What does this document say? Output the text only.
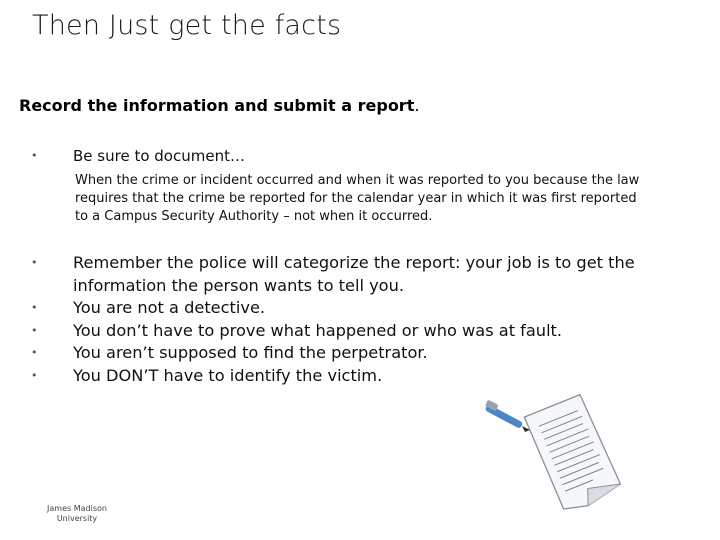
Then Just get the facts
Record the information and submit a report.
• Be sure to document…
When the crime or incident occurred and when it was reported to you because the law requires that the crime be reported for the calendar year in which it was first reported to a Campus Security Authority – not when it occurred.
• Remember the police will categorize the report: your job is to get the information the person wants to tell you.
• You are not a detective.
• You don’t have to prove what happened or who was at fault.
• You aren’t supposed to find the perpetrator.
• You DON’T have to identify the victim.
James Madison
University
